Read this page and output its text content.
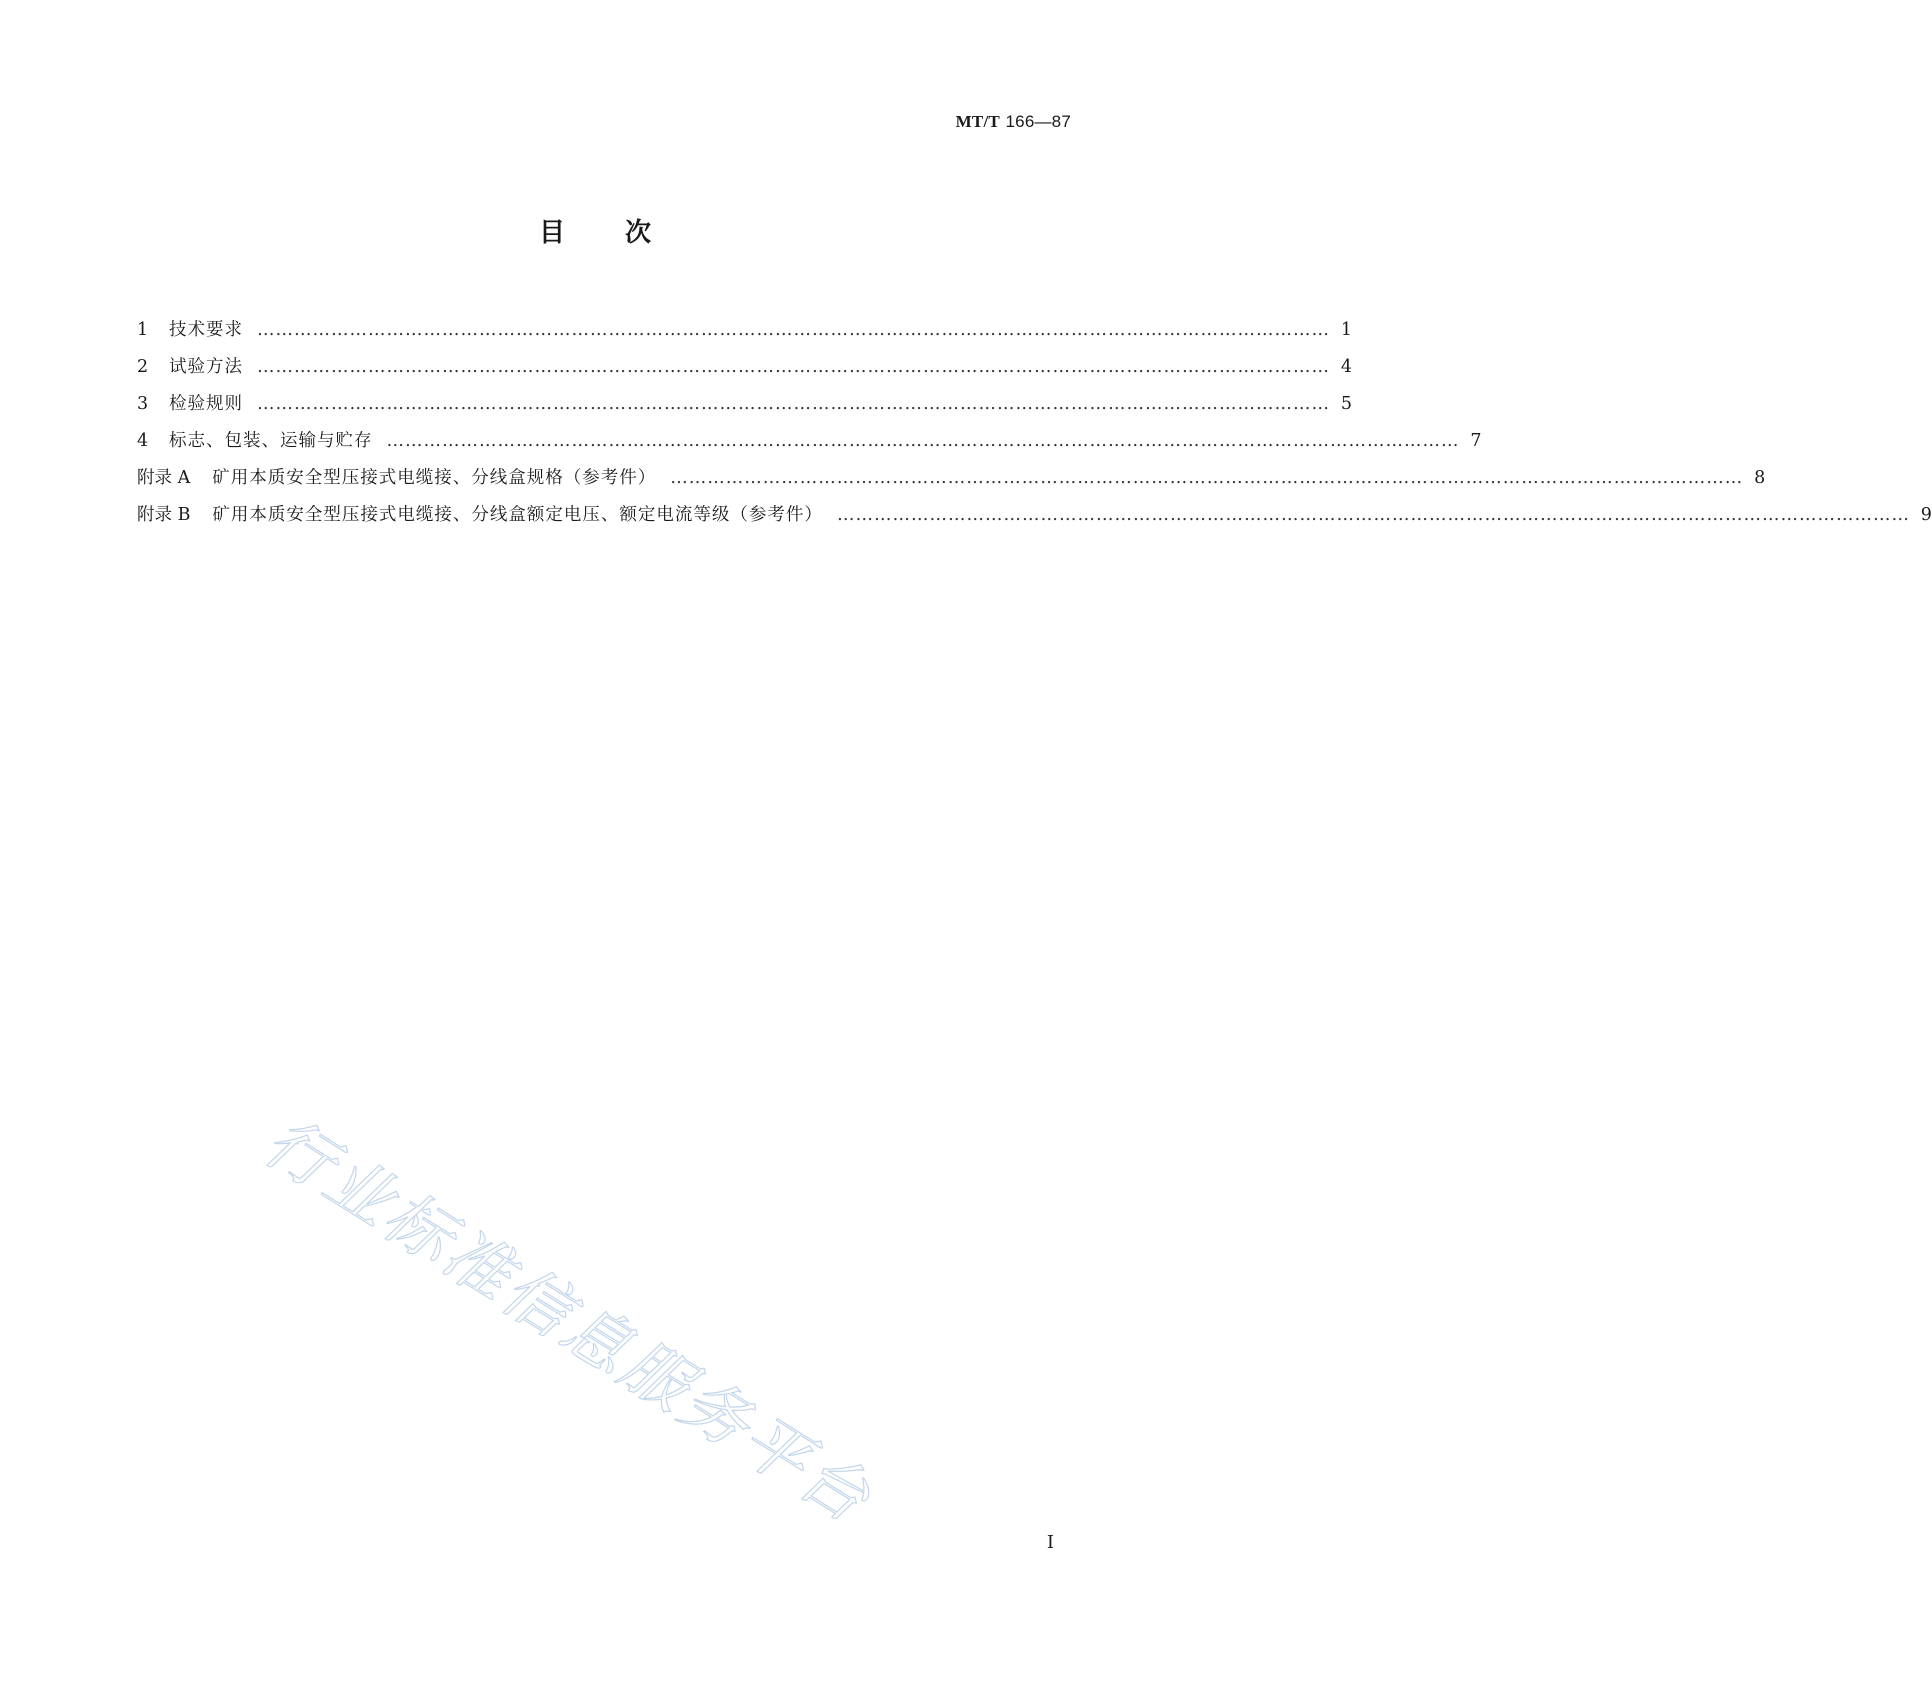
MT/T 166—87
目次
1	技术要求 ………………………………………………………………………………………………………………………………………………………… 1
2	试验方法 ………………………………………………………………………………………………………………………………………………………… 4
3	检验规则 ………………………………………………………………………………………………………………………………………………………… 5
4	标志、包装、运输与贮存 ………………………………………………………………………………………………………………………………………………………… 7
附录 A 矿用本质安全型压接式电缆接、分线盒规格（参考件） ………………………………………………………………………………………………………………………………………………………… 8
附录 B 矿用本质安全型压接式电缆接、分线盒额定电压、额定电流等级（参考件） ………………………………………………………………………………………………………………………………………………………… 9
行业标准信息服务平台
I
